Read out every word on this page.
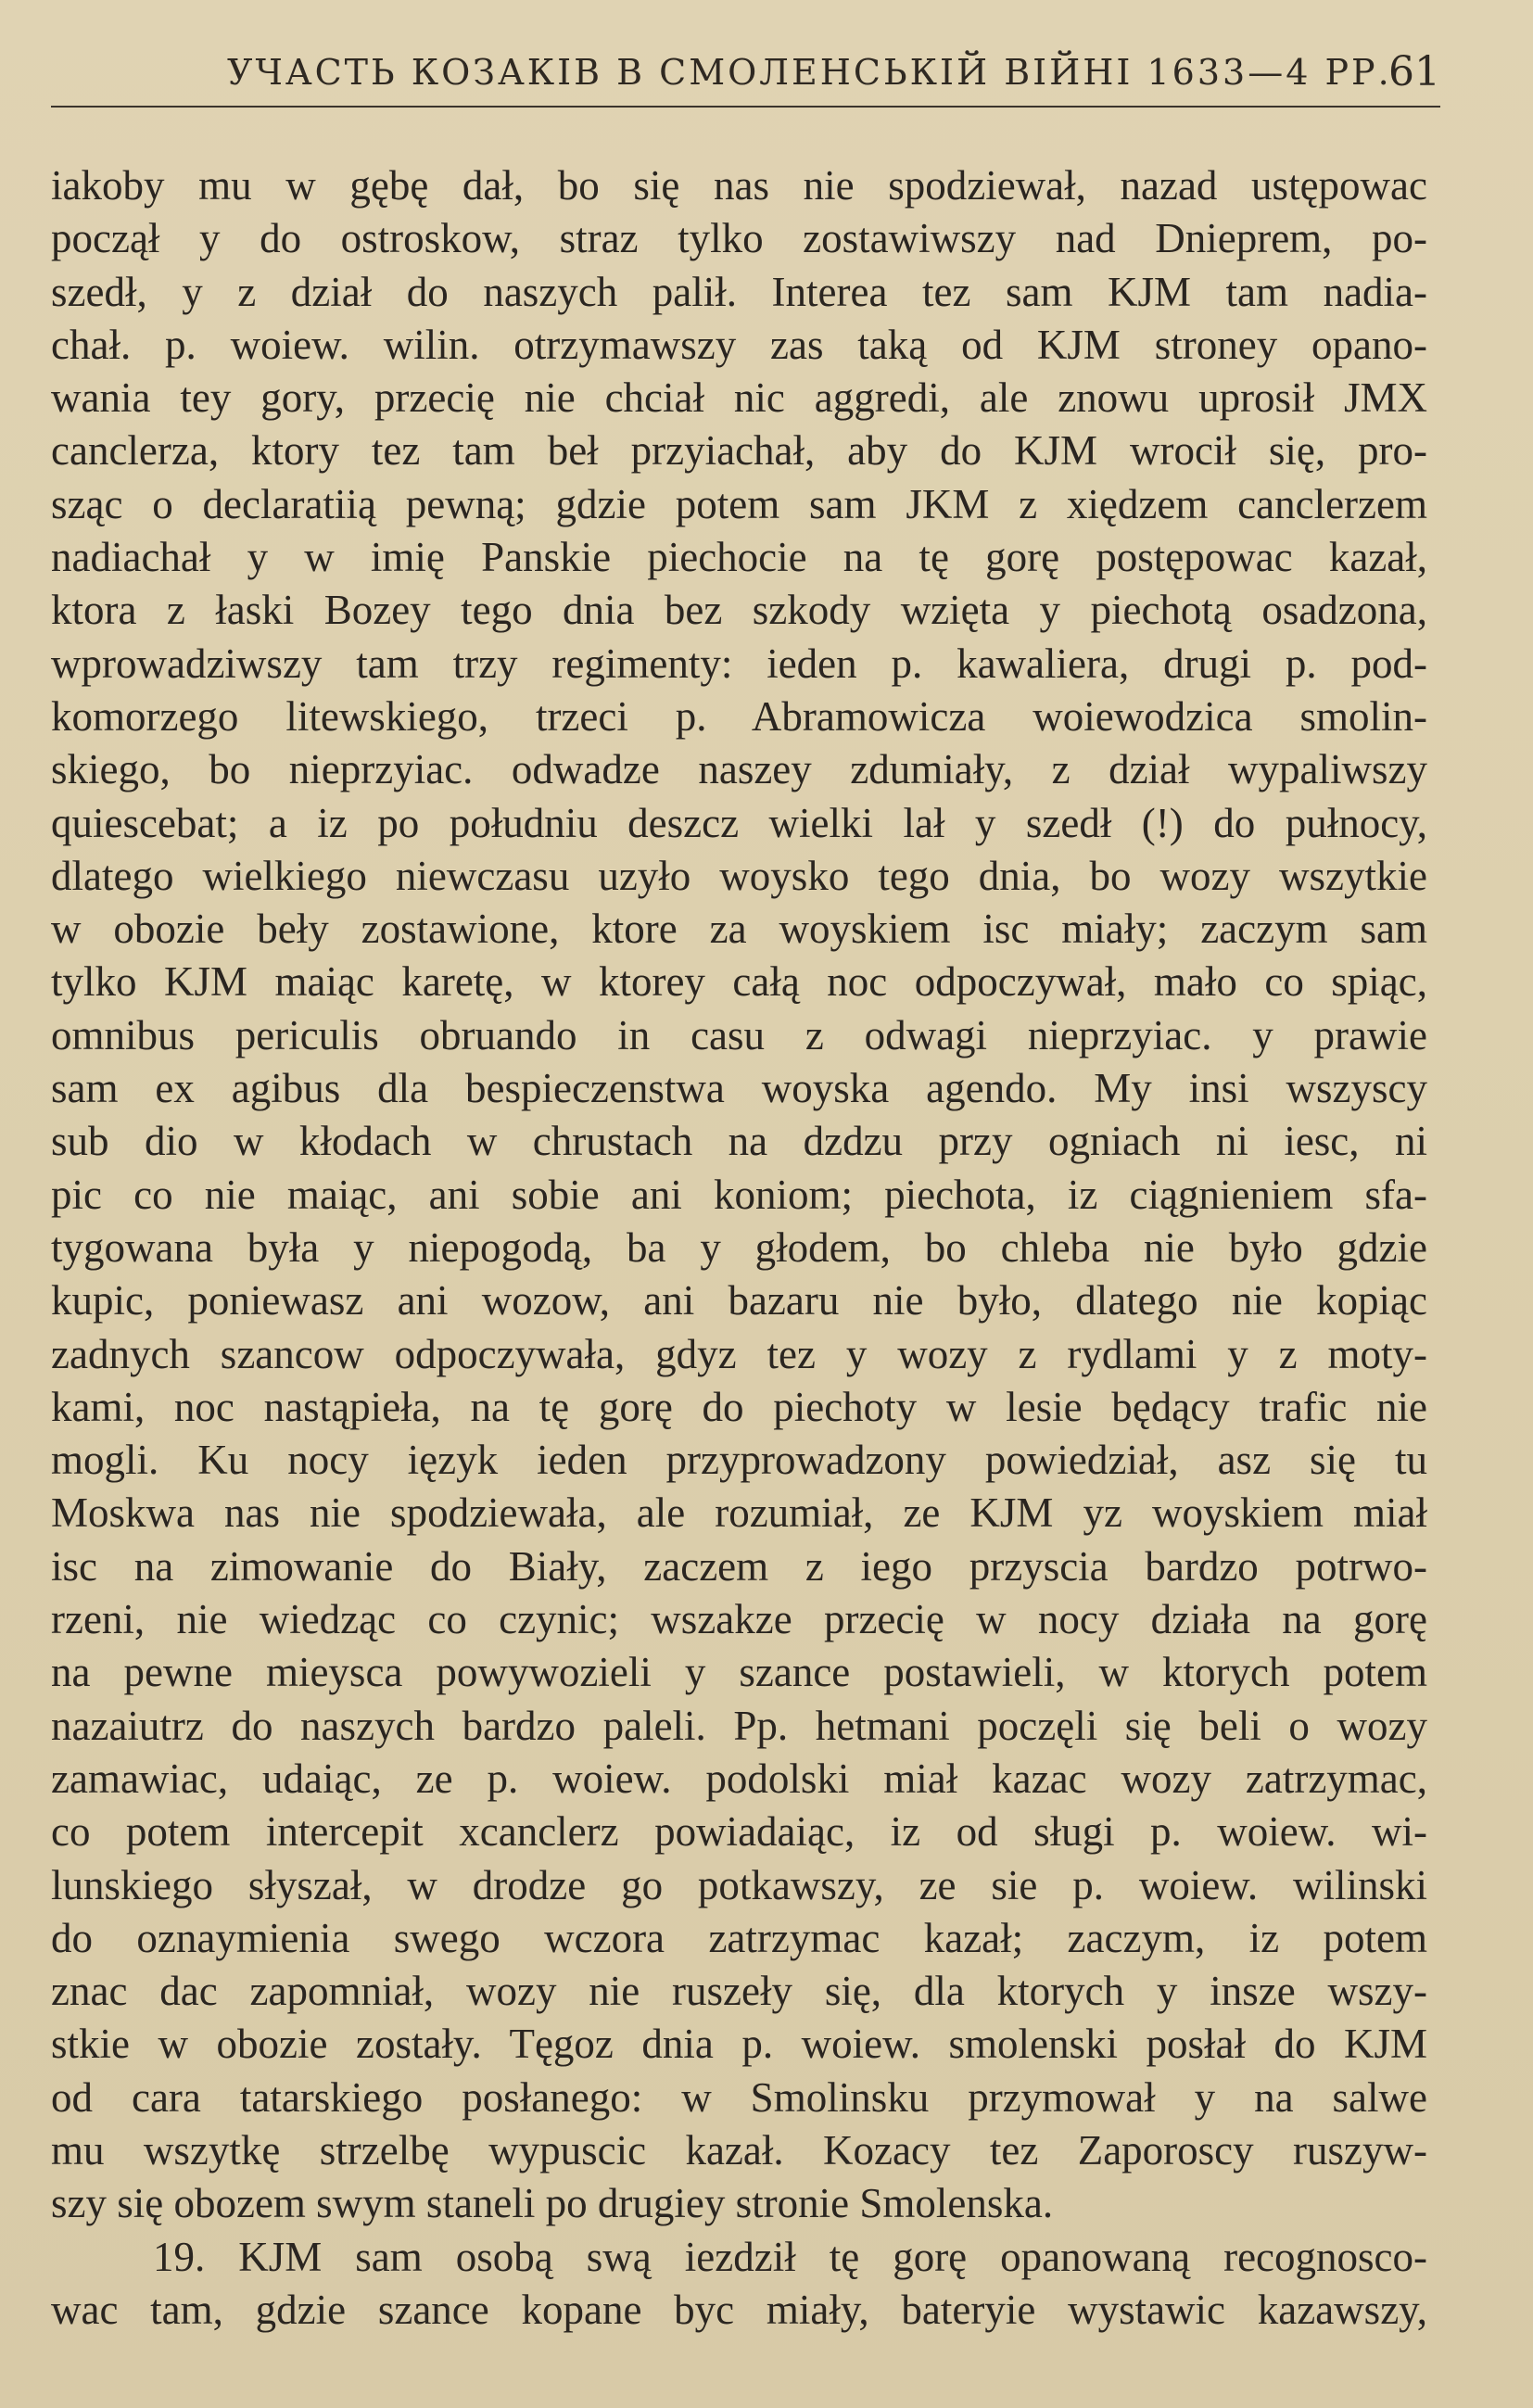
УЧАСТЬ КОЗАКІВ В СМОЛЕНСЬКІЙ ВІЙНІ 1633—4 РР.
61
iakoby mu w gębę dał, bo się nas nie spodziewał, nazad ustępowac
począł y do ostroskow, straz tylko zostawiwszy nad Dnieprem, po-
szedł, y z dział do naszych palił. Interea tez sam KJM tam nadia-
chał. p. woiew. wilin. otrzymawszy zas taką od KJM stroney opano-
wania tey gory, przecię nie chciał nic aggredi, ale znowu uprosił JMX
canclerza, ktory tez tam beł przyiachał, aby do KJM wrocił się, pro-
sząc o declaratiią pewną; gdzie potem sam JKM z xiędzem canclerzem
nadiachał y w imię Panskie piechocie na tę gorę postępowac kazał,
ktora z łaski Bozey tego dnia bez szkody wzięta y piechotą osadzona,
wprowadziwszy tam trzy regimenty: ieden p. kawaliera, drugi p. pod-
komorzego litewskiego, trzeci p. Abramowicza woiewodzica smolin-
skiego, bo nieprzyiac. odwadze naszey zdumiały, z dział wypaliwszy
quiescebat; a iz po południu deszcz wielki lał y szedł (!) do pułnocy,
dlatego wielkiego niewczasu uzyło woysko tego dnia, bo wozy wszytkie
w obozie beły zostawione, ktore za woyskiem isc miały; zaczym sam
tylko KJM maiąc karetę, w ktorey całą noc odpoczywał, mało co spiąc,
omnibus periculis obruando in casu z odwagi nieprzyiac. y prawie
sam ex agibus dla bespieczenstwa woyska agendo. My insi wszyscy
sub dio w kłodach w chrustach na dzdzu przy ogniach ni iesc, ni
pic co nie maiąc, ani sobie ani koniom; piechota, iz ciągnieniem sfa-
tygowana była y niepogodą, ba y głodem, bo chleba nie było gdzie
kupic, poniewasz ani wozow, ani bazaru nie było, dlatego nie kopiąc
zadnych szancow odpoczywała, gdyz tez y wozy z rydlami y z moty-
kami, noc nastąpieła, na tę gorę do piechoty w lesie będący trafic nie
mogli. Ku nocy ięzyk ieden przyprowadzony powiedział, asz się tu
Moskwa nas nie spodziewała, ale rozumiał, ze KJM yz woyskiem miał
isc na zimowanie do Biały, zaczem z iego przyscia bardzo potrwo-
rzeni, nie wiedząc co czynic; wszakze przecię w nocy działa na gorę
na pewne mieysca powywozieli y szance postawieli, w ktorych potem
nazaiutrz do naszych bardzo paleli. Pp. hetmani poczęli się beli o wozy
zamawiac, udaiąc, ze p. woiew. podolski miał kazac wozy zatrzymac,
co potem intercepit xcanclerz powiadaiąc, iz od sługi p. woiew. wi-
lunskiego słyszał, w drodze go potkawszy, ze sie p. woiew. wilinski
do oznaymienia swego wczora zatrzymac kazał; zaczym, iz potem
znac dac zapomniał, wozy nie ruszeły się, dla ktorych y insze wszy-
stkie w obozie zostały. Tęgoz dnia p. woiew. smolenski posłał do KJM
od cara tatarskiego posłanego: w Smolinsku przymował y na salwe
mu wszytkę strzelbę wypuscic kazał. Kozacy tez Zaporoscy ruszyw-
szy się obozem swym staneli po drugiey stronie Smolenska.
19. KJM sam osobą swą iezdził tę gorę opanowaną recognosco-
wac tam, gdzie szance kopane byc miały, bateryie wystawic kazawszy,
